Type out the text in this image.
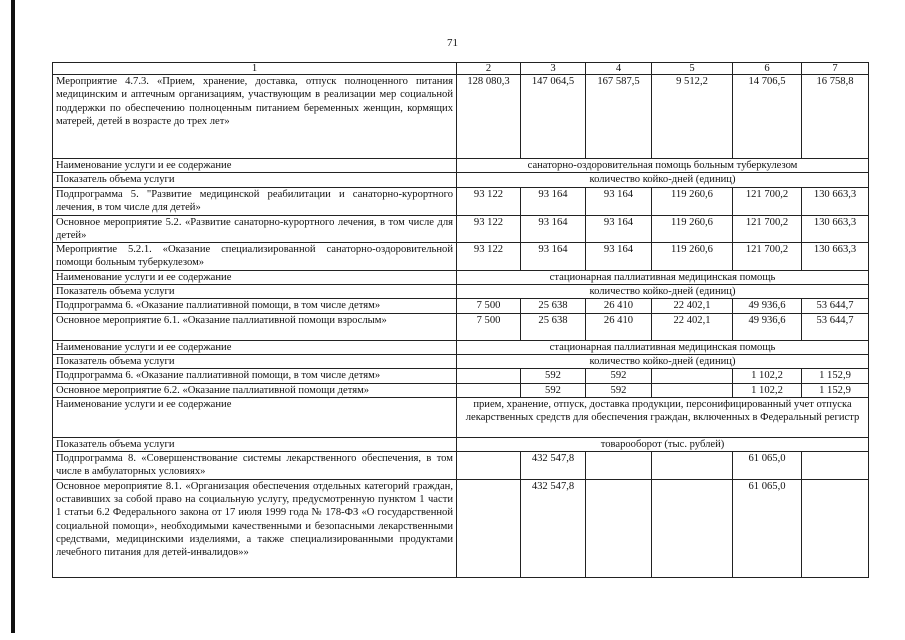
71
1	2	3	4	5	6	7
Мероприятие 4.7.3. «Прием, хранение, доставка, отпуск полноценного питания медицинским и аптечным организациям, участвующим в реализации мер социальной поддержки по обеспечению полноценным питанием беременных женщин, кормящих матерей, детей в возрасте до трех лет»	128 080,3	147 064,5	167 587,5	9 512,2	14 706,5	16 758,8
Наименование услуги и ее содержание	санаторно-оздоровительная помощь больным туберкулезом					
Показатель объема услуги	количество койко-дней (единиц)					
Подпрограмма 5. "Развитие медицинской реабилитации и санаторно-курортного лечения, в том числе для детей»	93 122	93 164	93 164	119 260,6	121 700,2	130 663,3
Основное мероприятие 5.2. «Развитие санаторно-курортного лечения, в том числе для детей»	93 122	93 164	93 164	119 260,6	121 700,2	130 663,3
Мероприятие 5.2.1. «Оказание специализированной санаторно-оздоровительной помощи больным туберкулезом»	93 122	93 164	93 164	119 260,6	121 700,2	130 663,3
Наименование услуги и ее содержание	стационарная паллиативная медицинская помощь					
Показатель объема услуги	количество койко-дней (единиц)					
Подпрограмма 6. «Оказание паллиативной помощи, в том числе детям»	7 500	25 638	26 410	22 402,1	49 936,6	53 644,7
Основное мероприятие 6.1. «Оказание паллиативной помощи взрослым»	7 500	25 638	26 410	22 402,1	49 936,6	53 644,7
Наименование услуги и ее содержание	стационарная паллиативная медицинская помощь					
Показатель объема услуги	количество койко-дней (единиц)					
Подпрограмма 6. «Оказание паллиативной помощи, в том числе детям»		592	592		1 102,2	1 152,9
Основное мероприятие 6.2. «Оказание паллиативной помощи детям»		592	592		1 102,2	1 152,9
Наименование услуги и ее содержание	прием, хранение, отпуск, доставка продукции, персонифицированный учет отпуска лекарственных средств для обеспечения граждан, включенных в Федеральный регистр					
Показатель объема услуги	товарооборот (тыс. рублей)					
Подпрограмма 8. «Совершенствование системы лекарственного обеспечения, в том числе в амбулаторных условиях»		432 547,8			61 065,0	
Основное мероприятие 8.1. «Организация обеспечения отдельных категорий граждан, оставивших за собой право на социальную услугу, предусмотренную пунктом 1 части 1 статьи 6.2 Федерального закона от 17 июля 1999 года № 178-ФЗ «О государственной социальной помощи», необходимыми качественными и безопасными лекарственными средствами, медицинскими изделиями, а также специализированными продуктами лечебного питания для детей-инвалидов»»		432 547,8			61 065,0	
